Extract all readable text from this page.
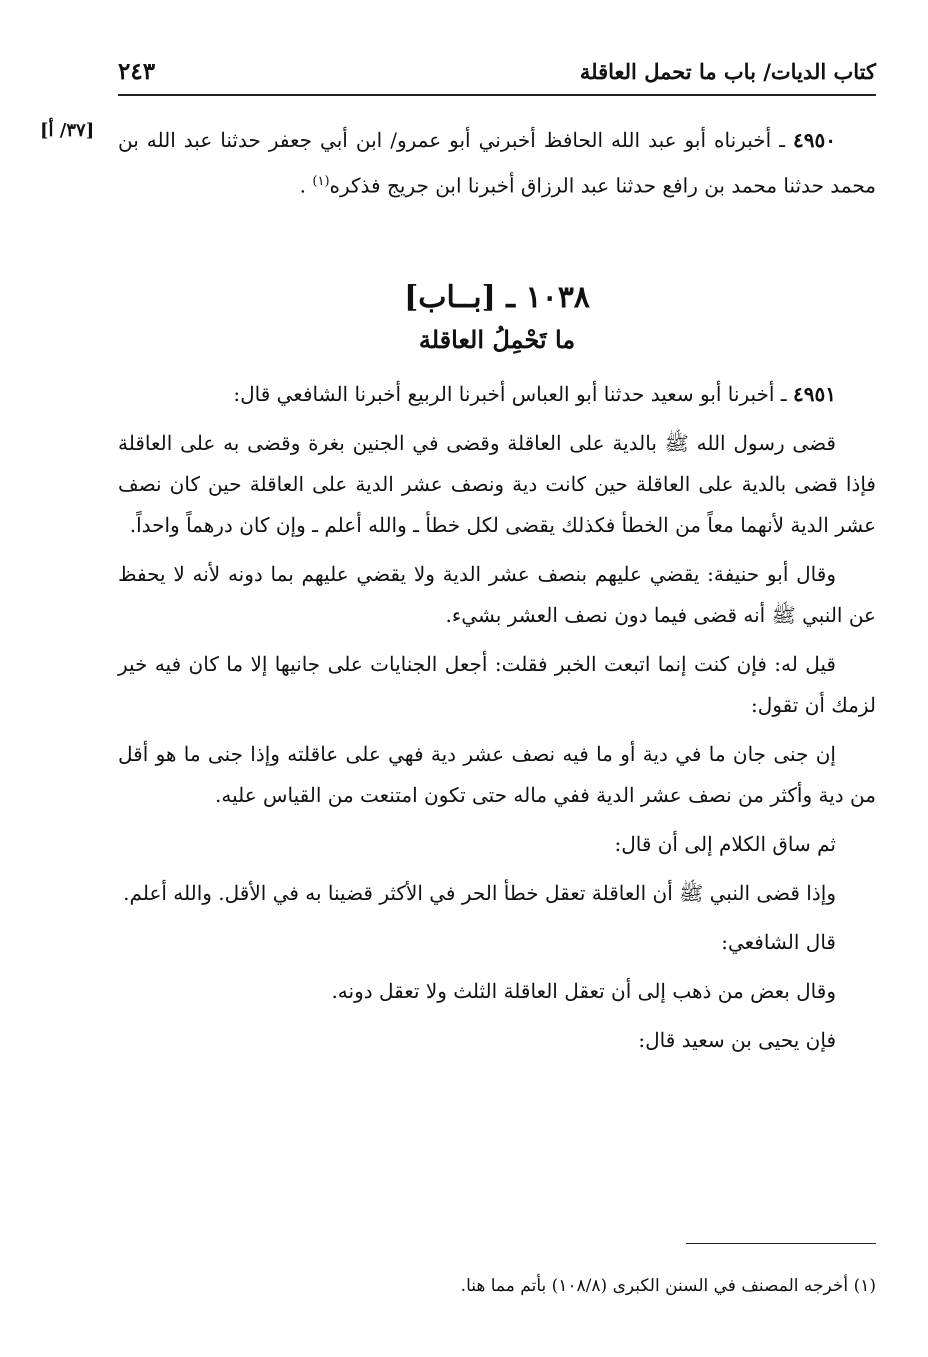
كتاب الديات/ باب ما تحمل العاقلة
٢٤٣
[٣٧/ أ]	٤٩٥٠ ـ أخبرناه أبو عبد الله الحافظ أخبرني أبو عمرو/ ابن أبي جعفر حدثنا عبد الله بن محمد حدثنا محمد بن رافع حدثنا عبد الرزاق أخبرنا ابن جريج فذكره$^{(١)}$ .

١٠٣٨ ـ [بــاب]
ما تَحْمِلُ العاقلة

٤٩٥١ ـ أخبرنا أبو سعيد حدثنا أبو العباس أخبرنا الربيع أخبرنا الشافعي قال:

قضى رسول الله ﷺ بالدية على العاقلة وقضى في الجنين بغرة وقضى به على العاقلة فإذا قضى بالدية على العاقلة حين كانت دية ونصف عشر الدية على العاقلة حين كان نصف عشر الدية لأنهما معاً من الخطأ فكذلك يقضى لكل خطأ ـ والله أعلم ـ وإن كان درهماً واحداً.

وقال أبو حنيفة: يقضي عليهم بنصف عشر الدية ولا يقضي عليهم بما دونه لأنه لا يحفظ عن النبي ﷺ أنه قضى فيما دون نصف العشر بشيء.

قيل له: فإن كنت إنما اتبعت الخبر فقلت: أجعل الجنايات على جانيها إلا ما كان فيه خير لزمك أن تقول:

إن جنى جان ما في دية أو ما فيه نصف عشر دية فهي على عاقلته وإذا جنى ما هو أقل من دية وأكثر من نصف عشر الدية ففي ماله حتى تكون امتنعت من القياس عليه.

ثم ساق الكلام إلى أن قال:

وإذا قضى النبي ﷺ أن العاقلة تعقل خطأ الحر في الأكثر قضينا به في الأقل. والله أعلم.

قال الشافعي:

وقال بعض من ذهب إلى أن تعقل العاقلة الثلث ولا تعقل دونه.

فإن يحيى بن سعيد قال:

(١) أخرجه المصنف في السنن الكبرى (١٠٨/٨) بأتم مما هنا.
